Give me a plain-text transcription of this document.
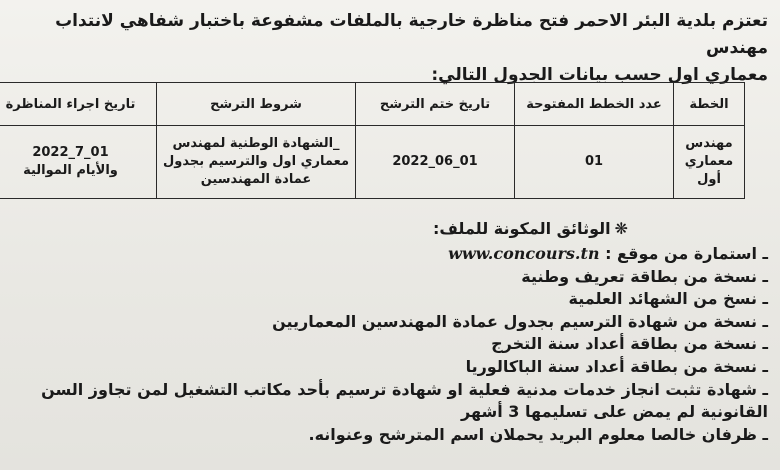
تعتزم بلدية البئر الاحمر فتح مناظرة خارجية بالملفات مشفوعة باختبار شفاهي لانتداب مهندس
معماري اول حسب بيانات الجدول التالي:

الخطة	عدد الخطط المفتوحة	تاريخ ختم الترشح	شروط الترشح	تاريخ اجراء المناظرة
مهندس معماري أول	01	2022_06_01	_الشهادة الوطنية لمهندس معماري اول والترسيم بجدول عمادة المهندسين	2022_7_01
والأيام الموالية
❋الوثائق المكونة للملف:
ـ استمارة من موقع : www.concours.tn
ـ نسخة من بطاقة تعريف وطنية
ـ نسخ من الشهائد العلمية
ـ نسخة من شهادة الترسيم بجدول عمادة المهندسين المعماريين
ـ نسخة من بطاقة أعداد سنة التخرج
ـ نسخة من بطاقة أعداد سنة الباكالوريا
ـ شهادة تثبت انجاز خدمات مدنية فعلية او شهادة ترسيم بأحد مكاتب التشغيل لمن تجاوز السن القانونية لم يمض على تسليمها 3 أشهر
ـ ظرفان خالصا معلوم البريد يحملان اسم المترشح وعنوانه.
